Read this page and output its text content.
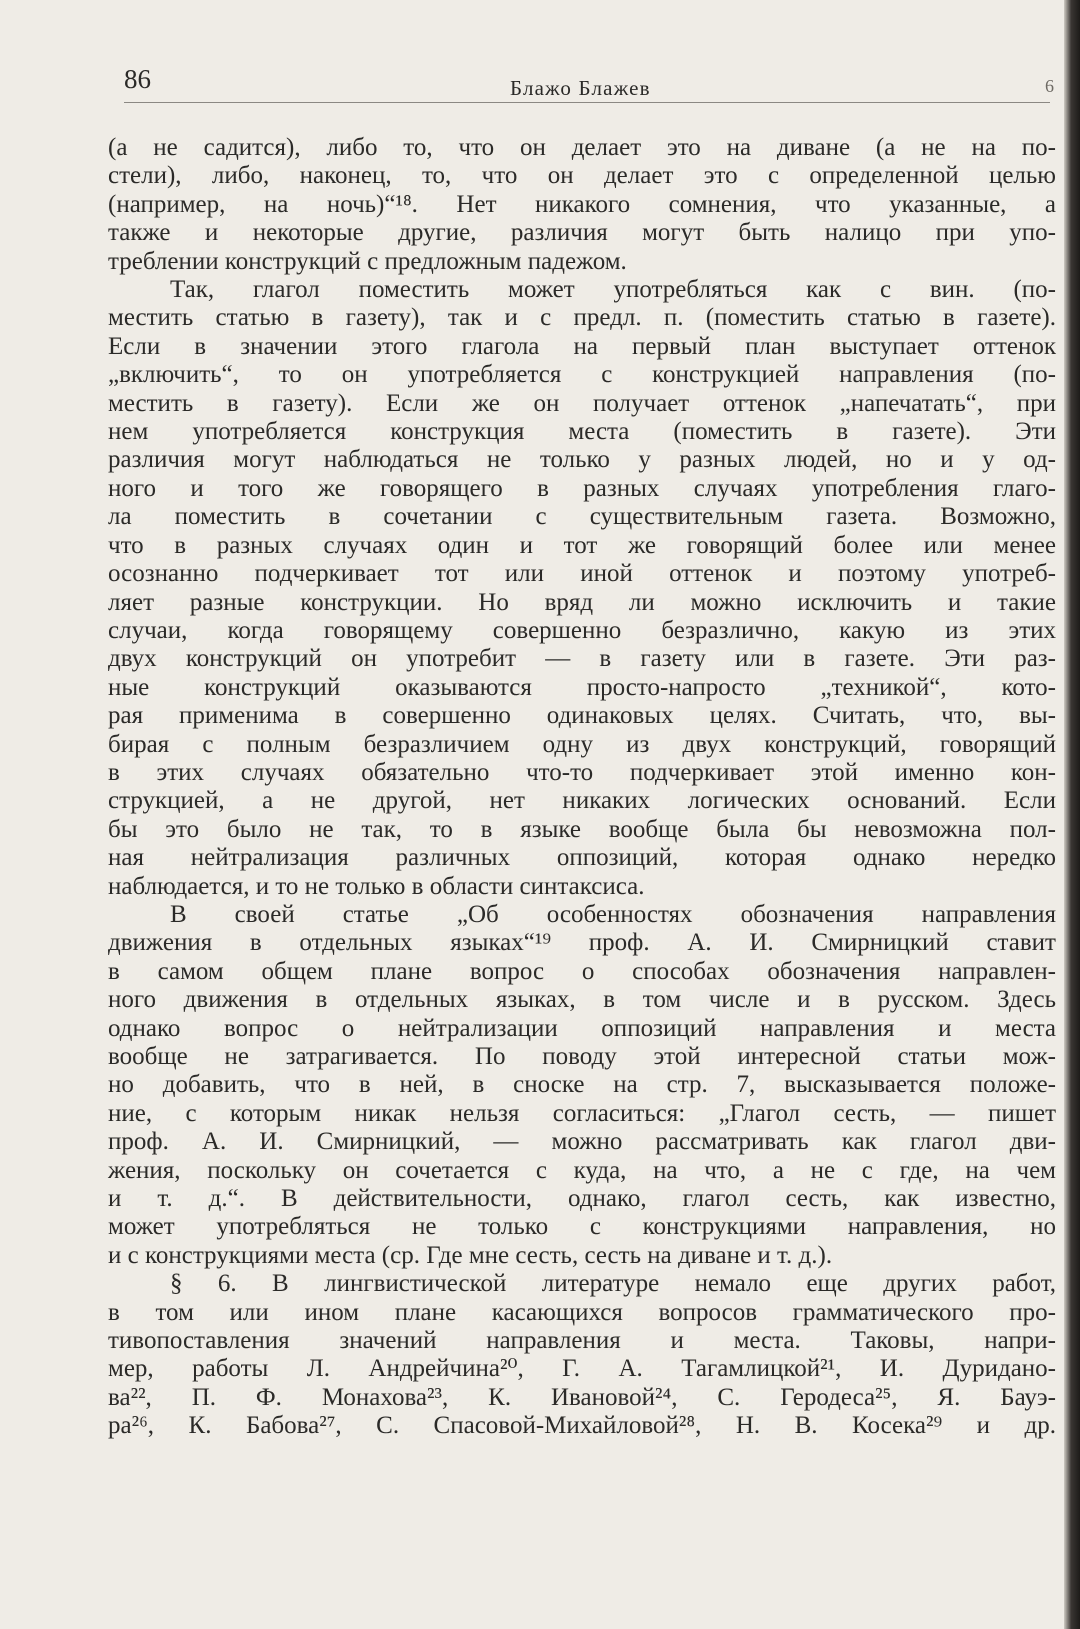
86	Блажо Блажев	6
(а не садится), либо то, что он делает это на диване (а не на по-
стели), либо, наконец, то, что он делает это с определенной целью
(например, на ночь)“¹⁸. Нет никакого сомнения, что указанные, а
также и некоторые другие, различия могут быть налицо при упо-
треблении конструкций с предложным падежом.
Так, глагол поместить может употребляться как с вин. (по-
местить статью в газету), так и с предл. п. (поместить статью в газете).
Если в значении этого глагола на первый план выступает оттенок
„включить“, то он употребляется с конструкцией направления (по-
местить в газету). Если же он получает оттенок „напечатать“, при
нем употребляется конструкция места (поместить в газете). Эти
различия могут наблюдаться не только у разных людей, но и у од-
ного и того же говорящего в разных случаях употребления глаго-
ла поместить в сочетании с существительным газета. Возможно,
что в разных случаях один и тот же говорящий более или менее
осознанно подчеркивает тот или иной оттенок и поэтому употреб-
ляет разные конструкции. Но вряд ли можно исключить и такие
случаи, когда говорящему совершенно безразлично, какую из этих
двух конструкций он употребит — в газету или в газете. Эти раз-
ные конструкций оказываются просто-напросто „техникой“, кото-
рая применима в совершенно одинаковых целях. Считать, что, вы-
бирая с полным безразличием одну из двух конструкций, говорящий
в этих случаях обязательно что-то подчеркивает этой именно кон-
струкцией, а не другой, нет никаких логических оснований. Если
бы это было не так, то в языке вообще была бы невозможна пол-
ная нейтрализация различных оппозиций, которая однако нередко
наблюдается, и то не только в области синтаксиса.
В своей статье „Об особенностях обозначения направления
движения в отдельных языках“¹⁹ проф. А. И. Смирницкий ставит
в самом общем плане вопрос о способах обозначения направлен-
ного движения в отдельных языках, в том числе и в русском. Здесь
однако вопрос о нейтрализации оппозиций направления и места
вообще не затрагивается. По поводу этой интересной статьи мож-
но добавить, что в ней, в сноске на стр. 7, высказывается положе-
ние, с которым никак нельзя согласиться: „Глагол сесть, — пишет
проф. А. И. Смирницкий, — можно рассматривать как глагол дви-
жения, поскольку он сочетается с куда, на что, а не с где, на чем
и т. д.“. В действительности, однако, глагол сесть, как известно,
может употребляться не только с конструкциями направления, но
и с конструкциями места (ср. Где мне сесть, сесть на диване и т. д.).
§ 6. В лингвистической литературе немало еще других работ,
в том или ином плане касающихся вопросов грамматического про-
тивопоставления значений направления и места. Таковы, напри-
мер, работы Л. Андрейчина²⁰, Г. А. Тагамлицкой²¹, И. Дуриданo-
ва²², П. Ф. Монахова²³, К. Ивановой²⁴, С. Геродеса²⁵, Я. Бауэ-
ра²⁶, К. Бабова²⁷, С. Спасовой-Михайловой²⁸, Н. В. Косека²⁹ и др.
